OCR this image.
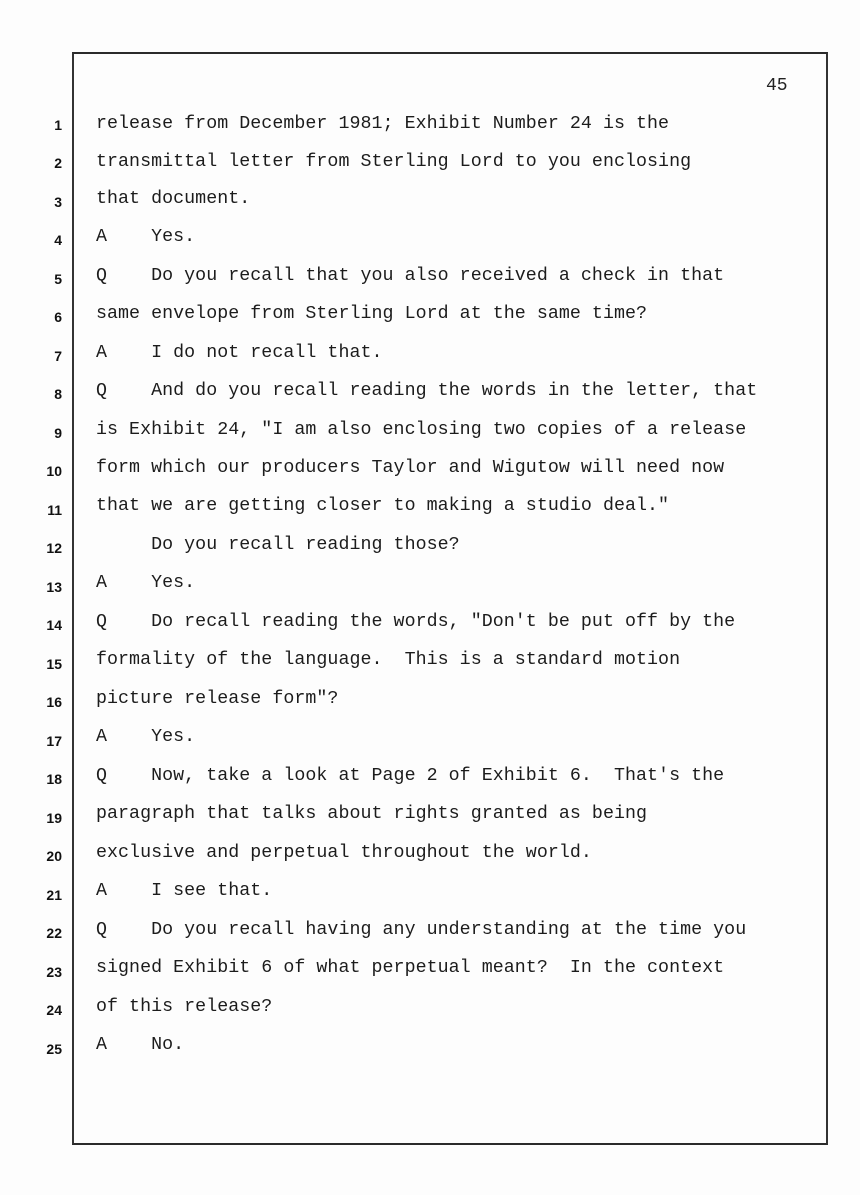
45
1 release from December 1981; Exhibit Number 24 is the
2 transmittal letter from Sterling Lord to you enclosing
3 that document.
4 A    Yes.
5 Q    Do you recall that you also received a check in that
6 same envelope from Sterling Lord at the same time?
7 A    I do not recall that.
8 Q    And do you recall reading the words in the letter, that
9 is Exhibit 24, "I am also enclosing two copies of a release
10 form which our producers Taylor and Wigutow will need now
11 that we are getting closer to making a studio deal."
12 Do you recall reading those?
13 A    Yes.
14 Q    Do recall reading the words, "Don't be put off by the
15 formality of the language.  This is a standard motion
16 picture release form"?
17 A    Yes.
18 Q    Now, take a look at Page 2 of Exhibit 6.  That's the
19 paragraph that talks about rights granted as being
20 exclusive and perpetual throughout the world.
21 A    I see that.
22 Q    Do you recall having any understanding at the time you
23 signed Exhibit 6 of what perpetual meant?  In the context
24 of this release?
25 A    No.
